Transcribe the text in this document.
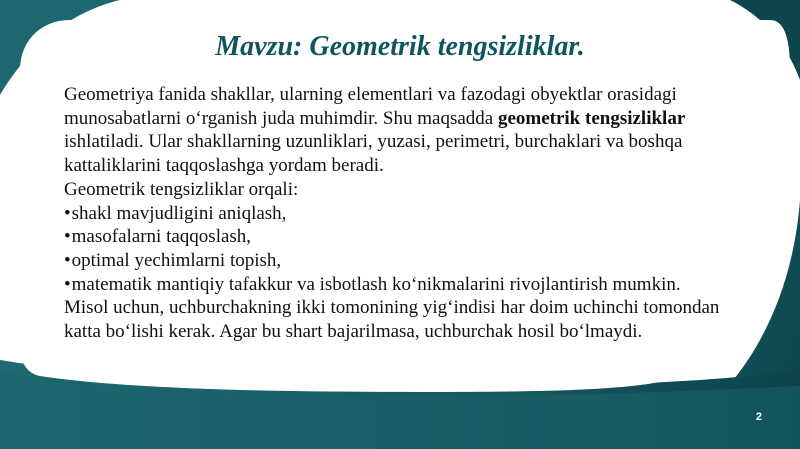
Mavzu: Geometrik tengsizliklar.

Geometriya fanida shakllar, ularning elementlari va fazodagi obyektlar orasidagi munosabatlarni o‘rganish juda muhimdir. Shu maqsadda geometrik tengsizliklar ishlatiladi. Ular shakllarning uzunliklari, yuzasi, perimetri, burchaklari va boshqa kattaliklarini taqqoslashga yordam beradi.

Geometrik tengsizliklar orqali:

• shakl mavjudligini aniqlash,
• masofalarni taqqoslash,
• optimal yechimlarni topish,
• matematik mantiqiy tafakkur va isbotlash ko‘nikmalarini rivojlantirish mumkin.

Misol uchun, uchburchakning ikki tomonining yig‘indisi har doim uchinchi tomondan katta bo‘lishi kerak. Agar bu shart bajarilmasa, uchburchak hosil bo‘lmaydi.

2
